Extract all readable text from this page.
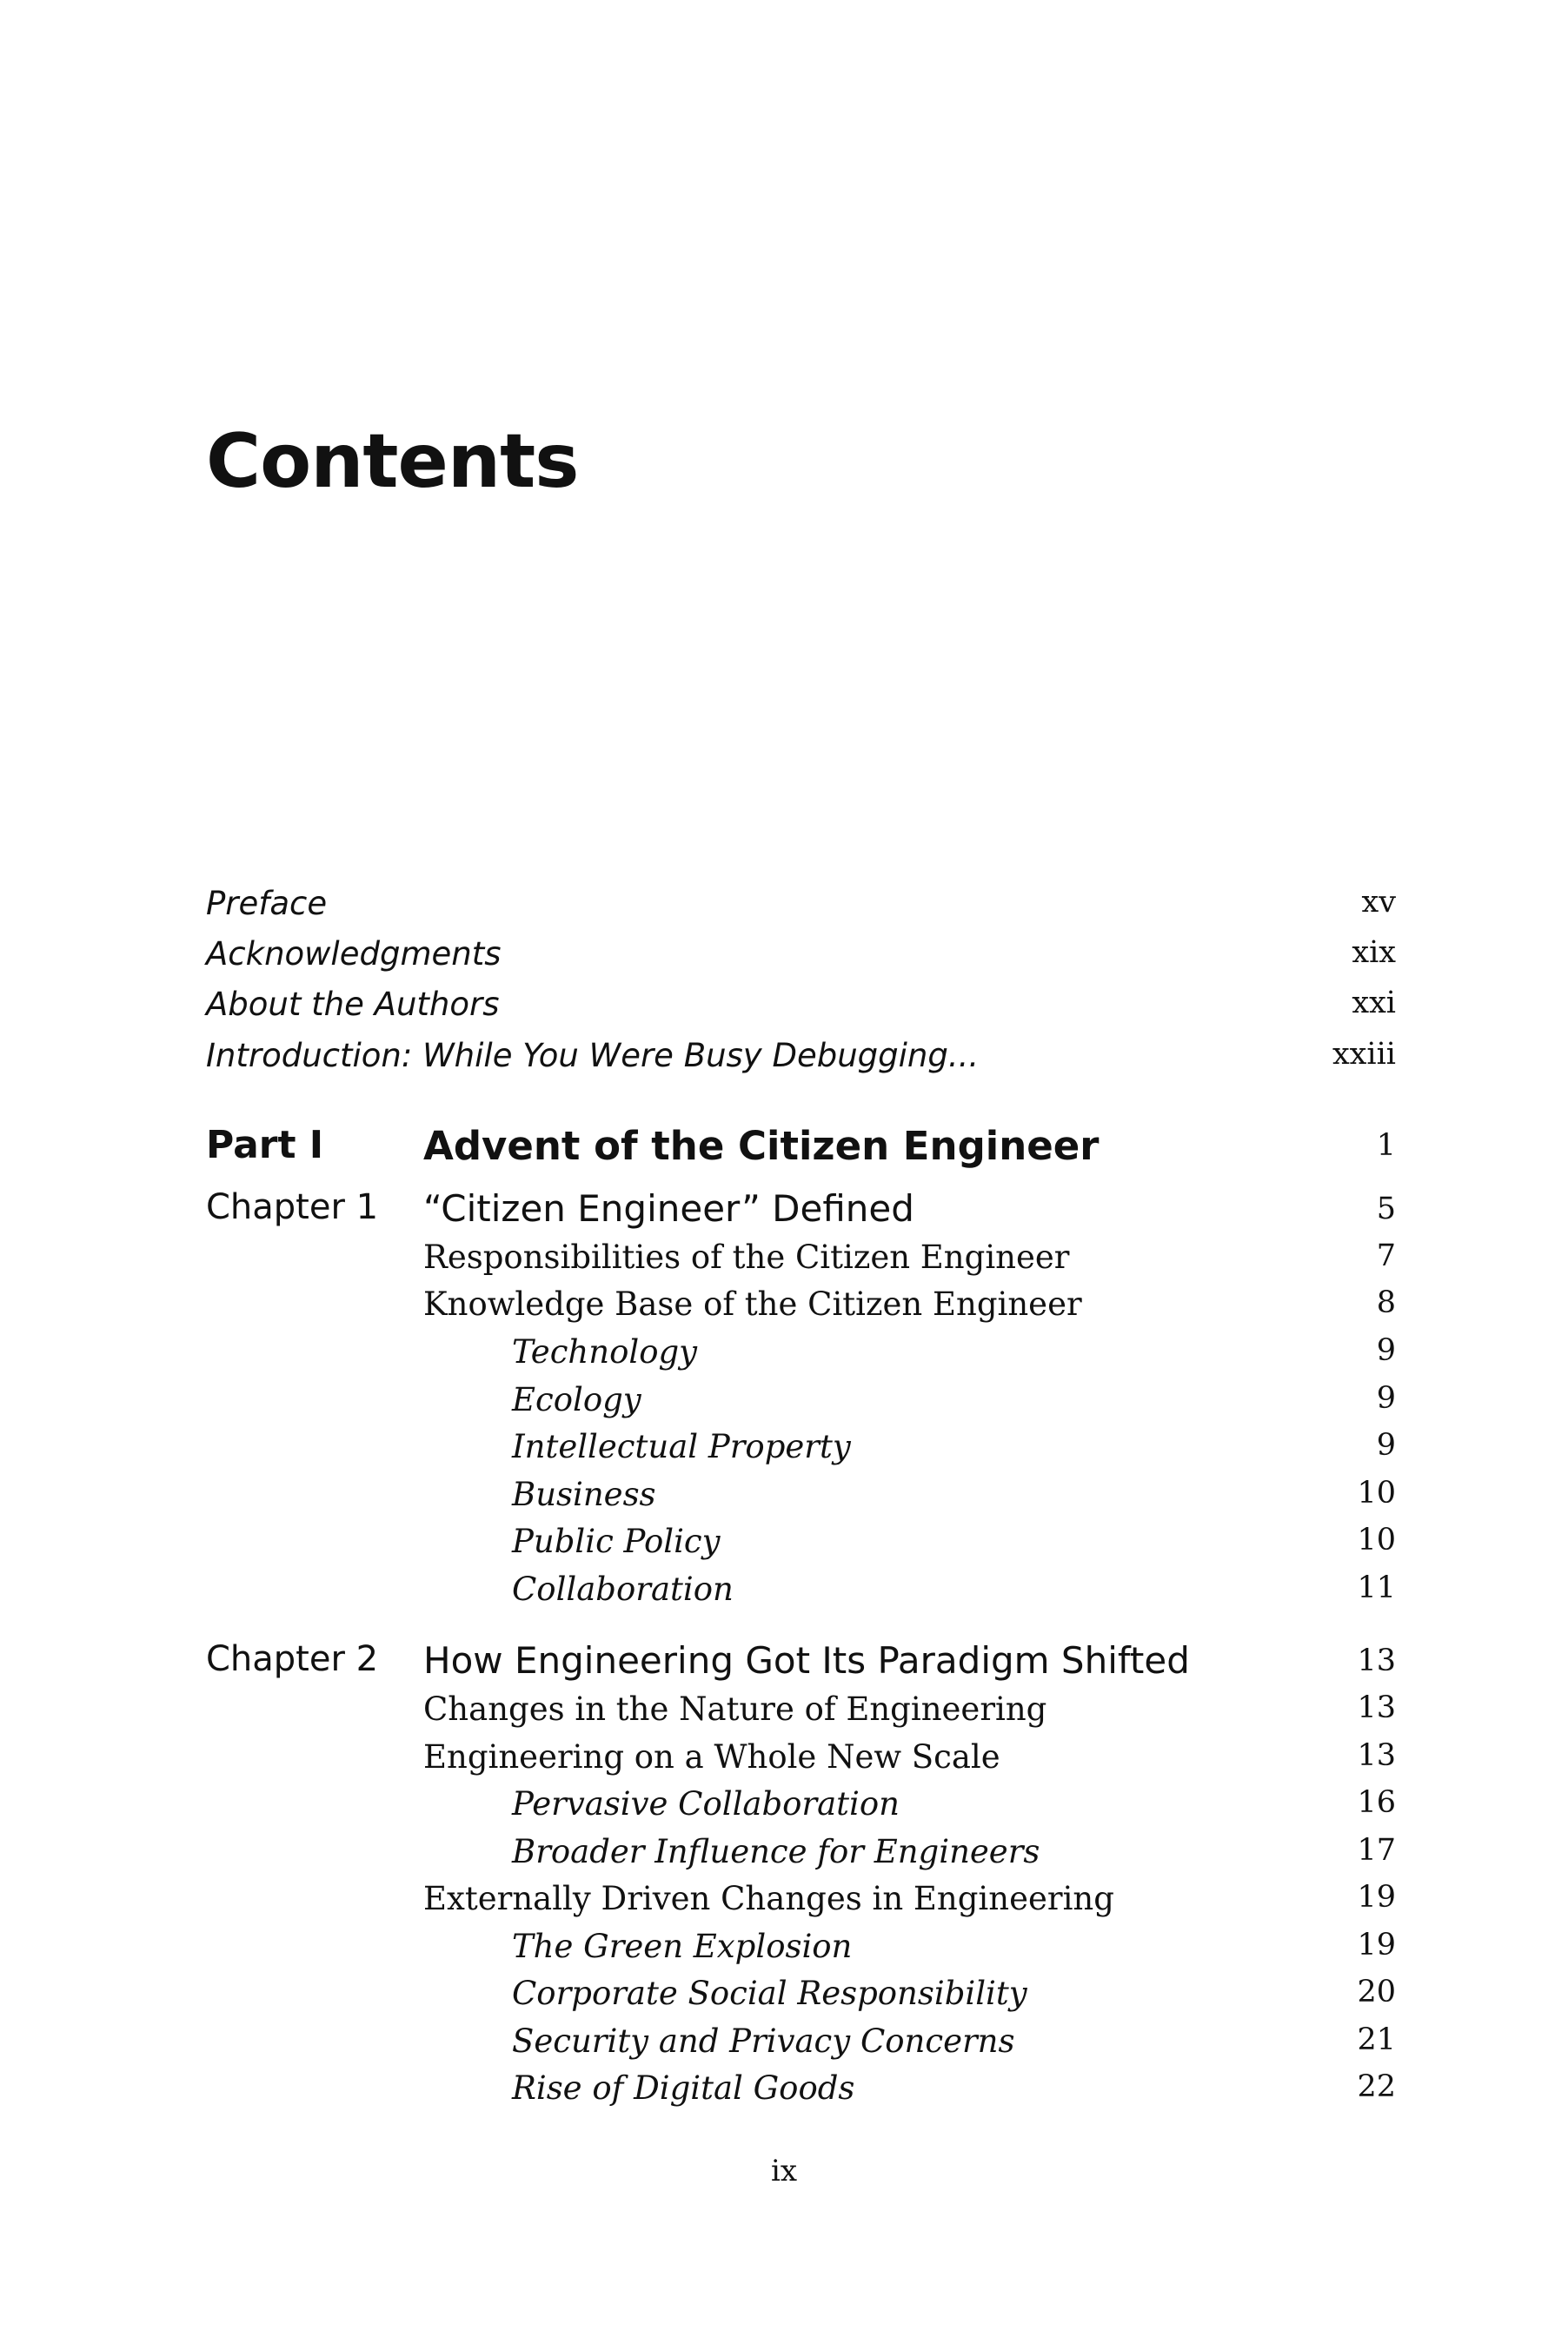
Contents
Preface	xv
Acknowledgments	xix
About the Authors	xxi
Introduction: While You Were Busy Debugging...	xxiii
Part I	Advent of the Citizen Engineer	1
Chapter 1 “Citizen Engineer” Defined	5
Responsibilities of the Citizen Engineer	7
Knowledge Base of the Citizen Engineer	8
Technology	9
Ecology	9
Intellectual Property	9
Business	10
Public Policy	10
Collaboration	11
Chapter 2 How Engineering Got Its Paradigm Shifted	13
Changes in the Nature of Engineering	13
Engineering on a Whole New Scale	13
Pervasive Collaboration	16
Broader Influence for Engineers	17
Externally Driven Changes in Engineering	19
The Green Explosion	19
Corporate Social Responsibility	20
Security and Privacy Concerns	21
Rise of Digital Goods	22
ix
